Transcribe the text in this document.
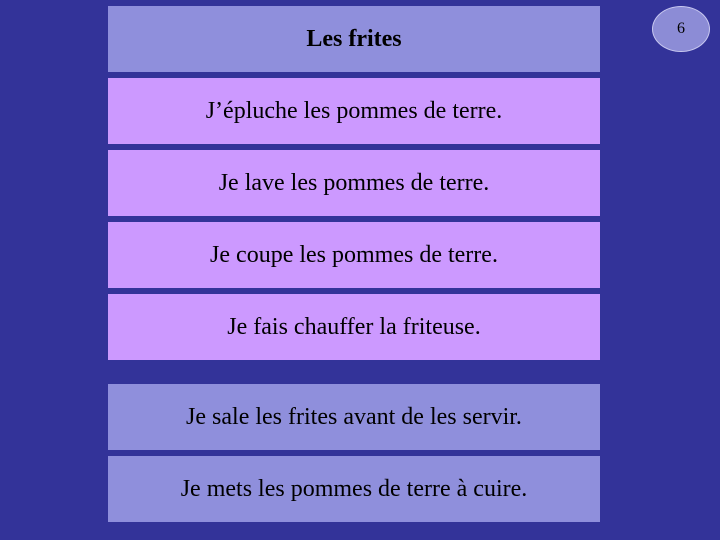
6
Les frites
J’épluche les pommes de terre.
Je lave les pommes de terre.
Je coupe les pommes de terre.
Je fais chauffer la friteuse.
Je sale les frites avant de les servir.
Je mets les pommes de terre à cuire.
